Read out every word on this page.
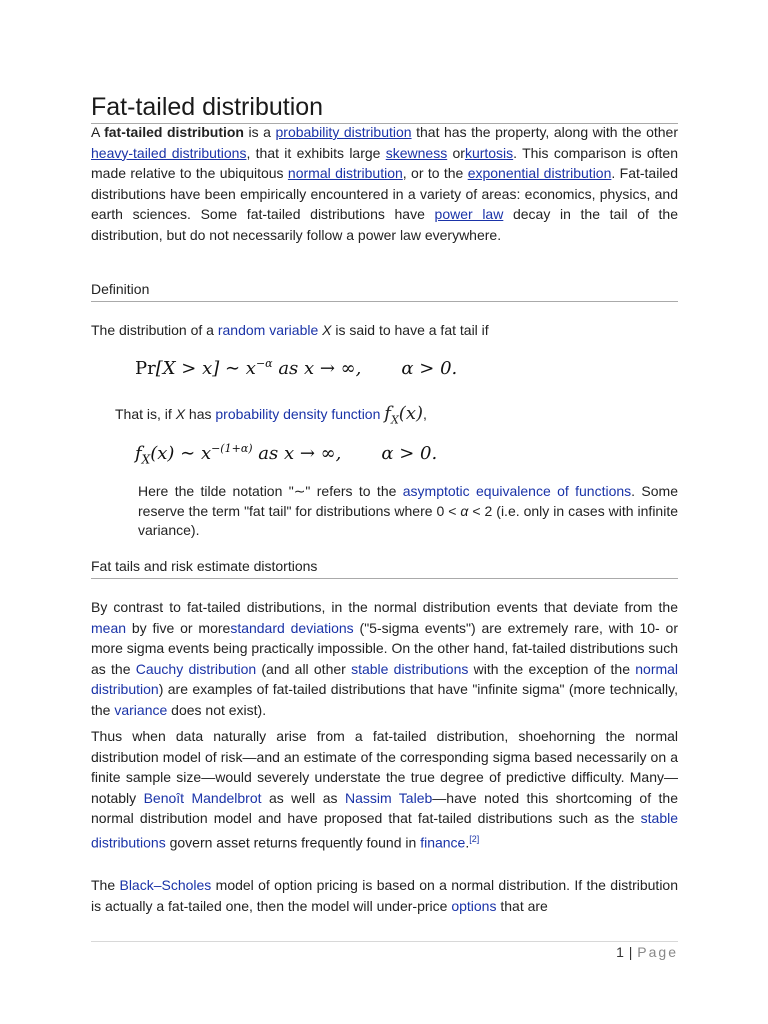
Fat-tailed distribution

A fat-tailed distribution is a probability distribution that has the property, along with the other heavy-tailed distributions, that it exhibits large skewness orkurtosis. This comparison is often made relative to the ubiquitous normal distribution, or to the exponential distribution. Fat-tailed distributions have been empirically encountered in a variety of areas: economics, physics, and earth sciences. Some fat-tailed distributions have power law decay in the tail of the distribution, but do not necessarily follow a power law everywhere.

Definition

The distribution of a random variable X is said to have a fat tail if

Pr[X > x] ∼ $x^{-\alpha}$ as x → ∞, α > 0.
That is, if X has probability density function $f_X(x)$,
$f_X(x)$ ∼ $x^{-(1+\alpha)}$ as x → ∞, α > 0.

Here the tilde notation "∼" refers to the asymptotic equivalence of functions. Some reserve the term "fat tail" for distributions where 0 < α < 2 (i.e. only in cases with infinite variance).

Fat tails and risk estimate distortions

By contrast to fat-tailed distributions, in the normal distribution events that deviate from the mean by five or morestandard deviations ("5-sigma events") are extremely rare, with 10- or more sigma events being practically impossible. On the other hand, fat-tailed distributions such as the Cauchy distribution (and all other stable distributions with the exception of the normal distribution) are examples of fat-tailed distributions that have "infinite sigma" (more technically, the variance does not exist).

Thus when data naturally arise from a fat-tailed distribution, shoehorning the normal distribution model of risk—and an estimate of the corresponding sigma based necessarily on a finite sample size—would severely understate the true degree of predictive difficulty. Many—notably Benoît Mandelbrot as well as Nassim Taleb—have noted this shortcoming of the normal distribution model and have proposed that fat-tailed distributions such as the stable distributions govern asset returns frequently found in finance.[2]

The Black–Scholes model of option pricing is based on a normal distribution. If the distribution is actually a fat-tailed one, then the model will under-price options that are

1 | Page
